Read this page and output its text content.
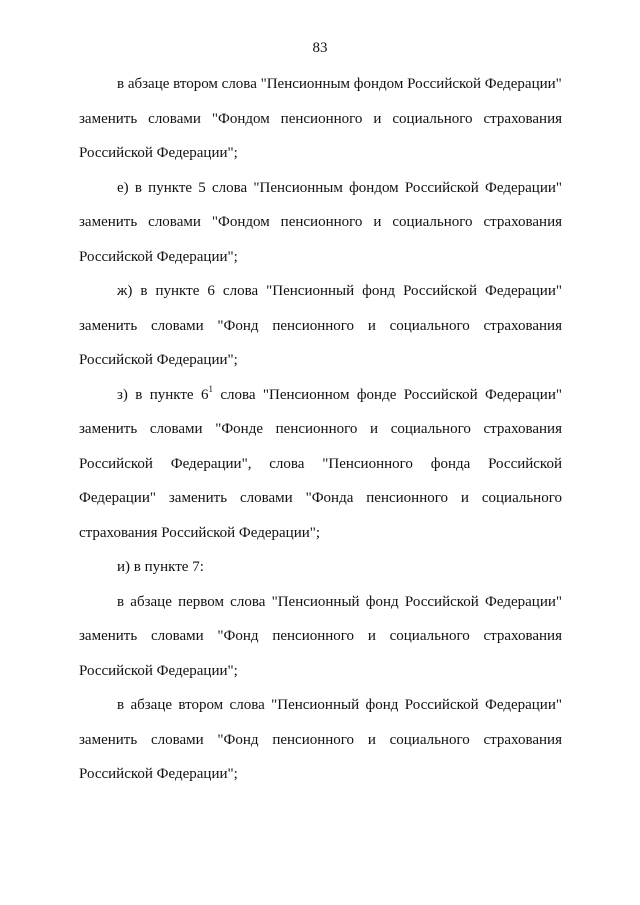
83
в абзаце втором слова "Пенсионным фондом Российской Федерации"
заменить словами "Фондом пенсионного и социального страхования
Российской Федерации";
е) в пункте 5 слова "Пенсионным фондом Российской Федерации"
заменить словами "Фондом пенсионного и социального страхования
Российской Федерации";
ж) в пункте 6 слова "Пенсионный фонд Российской Федерации"
заменить словами "Фонд пенсионного и социального страхования
Российской Федерации";
з) в пункте $6^1$ слова "Пенсионном фонде Российской Федерации"
заменить словами "Фонде пенсионного и социального страхования
Российской Федерации", слова "Пенсионного фонда Российской
Федерации" заменить словами "Фонда пенсионного и социального
страхования Российской Федерации";
и) в пункте 7:
в абзаце первом слова "Пенсионный фонд Российской Федерации"
заменить словами "Фонд пенсионного и социального страхования
Российской Федерации";
в абзаце втором слова "Пенсионный фонд Российской Федерации"
заменить словами "Фонд пенсионного и социального страхования
Российской Федерации";
